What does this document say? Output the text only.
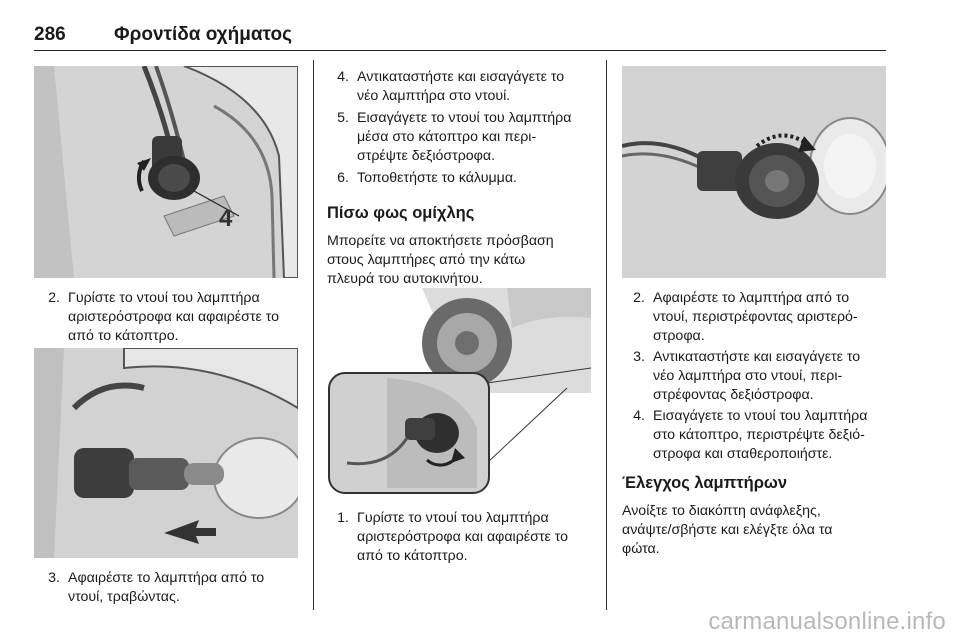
286	Φροντίδα οχήματος
4
2. Γυρίστε το ντουί του λαμπτήρα
αριστερόστροφα και αφαιρέστε το
από το κάτοπτρο.
3. Αφαιρέστε το λαμπτήρα από το
ντουί, τραβώντας.
4. Αντικαταστήστε και εισαγάγετε το
νέο λαμπτήρα στο ντουί.
5. Εισαγάγετε το ντουί του λαμπτήρα
μέσα στο κάτοπτρο και περι-
στρέψτε δεξιόστροφα.
6. Τοποθετήστε το κάλυμμα.
Πίσω φως ομίχλης
Μπορείτε να αποκτήσετε πρόσβαση
στους λαμπτήρες από την κάτω
πλευρά του αυτοκινήτου.
1. Γυρίστε το ντουί του λαμπτήρα
αριστερόστροφα και αφαιρέστε το
από το κάτοπτρο.
2. Αφαιρέστε το λαμπτήρα από το
ντουί, περιστρέφοντας αριστερό-
στροφα.
3. Αντικαταστήστε και εισαγάγετε το
νέο λαμπτήρα στο ντουί, περι-
στρέφοντας δεξιόστροφα.
4. Εισαγάγετε το ντουί του λαμπτήρα
στο κάτοπτρο, περιστρέψτε δεξιό-
στροφα και σταθεροποιήστε.
Έλεγχος λαμπτήρων
Ανοίξτε το διακόπτη ανάφλεξης,
ανάψτε/σβήστε και ελέγξτε όλα τα
φώτα.
carmanualsonline.info
